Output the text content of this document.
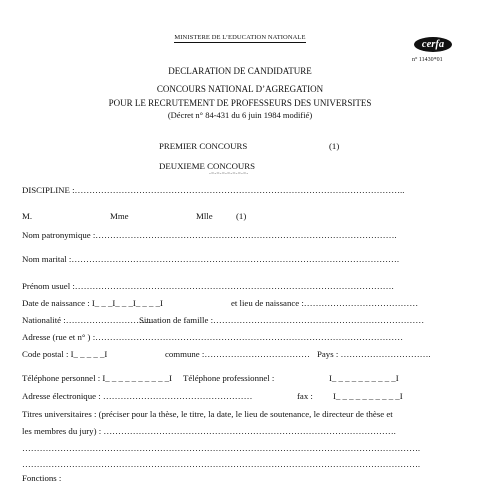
MINISTERE DE L’EDUCATION NATIONALE
cerfa
n° 11430*01
DECLARATION DE CANDIDATURE
CONCOURS NATIONAL D’AGREGATION
POUR LE RECRUTEMENT DE PROFESSEURS DES UNIVERSITES
(Décret n° 84-431 du 6 juin 1984 modifié)
PREMIER CONCOURS	(1)
DEUXIEME CONCOURS
-=-=-=-=-=-=-=-
DISCIPLINE :…………………………………………………………………………………………………..
M.	Mme	Mlle	(1)
Nom patronymique :………………………………………………………………………………………….
Nom marital :………………………………………………………………………………………………….
Prénom usuel :……………………………………………………………………………………………….
Date de naissance : I_ _ _I_ _ _I_ _ _ _I	et lieu de naissance :…………………………………
Nationalité :…………………………
Situation de famille :………………………………………………………………
Adresse (rue et n° ) :……………………………………………………………………………………………
Code postal : I_ _ _ _ _I	commune :……………………………… Pays : ………………………….
Téléphone personnel : I_ _ _ _ _ _ _ _ _ _I Téléphone professionnel :	I_ _ _ _ _ _ _ _ _ _I
Adresse électronique : ……………………………………………	fax : I_ _ _ _ _ _ _ _ _ _I
Titres universitaires : (préciser pour la thèse, le titre, la date, le lieu de soutenance, le directeur de thèse et
les membres du jury) : ……………………………………………………………………………………….
……………………………………………………………………………………………………………………….
……………………………………………………………………………………………………………………….
Fonctions :
